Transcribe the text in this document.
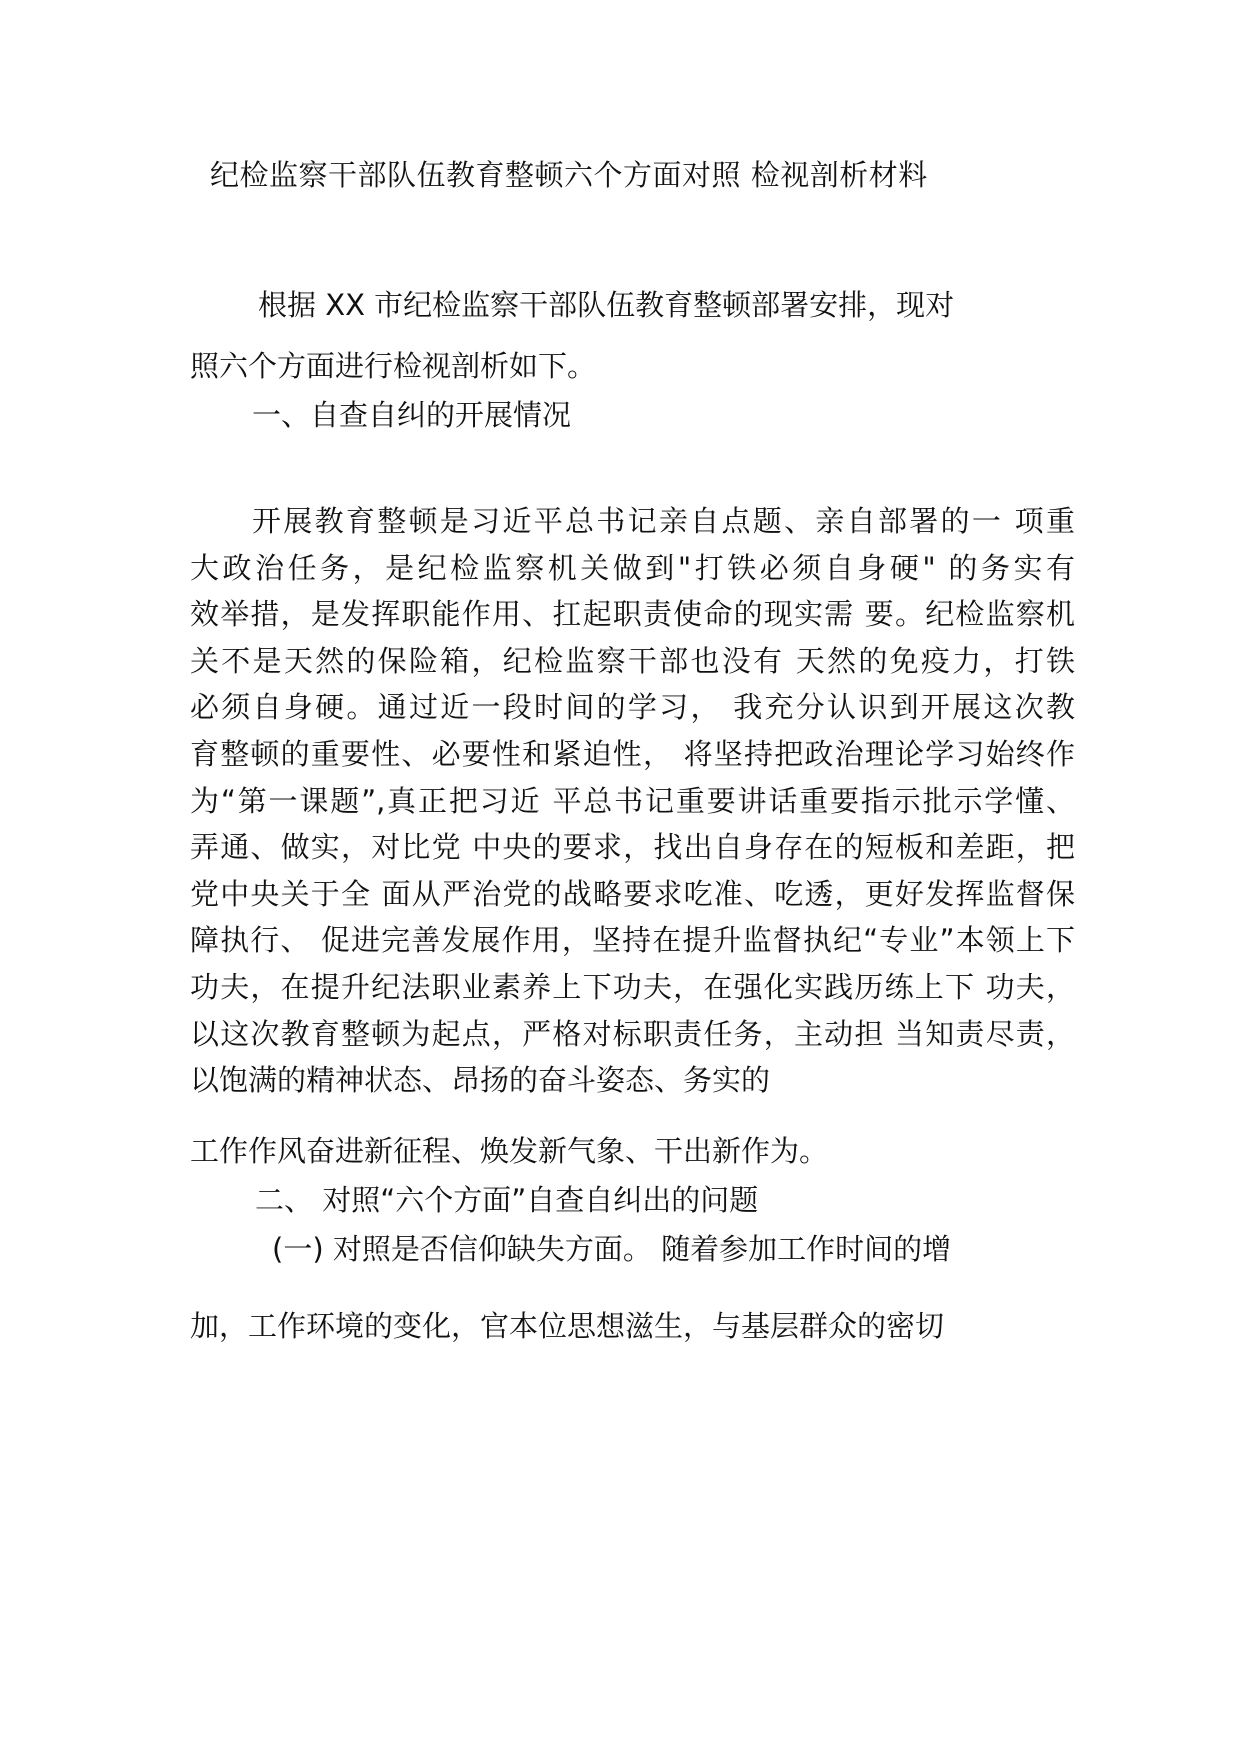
纪检监察干部队伍教育整顿六个方面对照 检视剖析材料
根据 XX 市纪检监察干部队伍教育整顿部署安排，现对
照六个方面进行检视剖析如下。
一、自查自纠的开展情况
开展教育整顿是习近平总书记亲自点题、亲自部署的一 项重
大政治任务，是纪检监察机关做到"打铁必须自身硬" 的务实有
效举措，是发挥职能作用、扛起职责使命的现实需 要。纪检监察机
关不是天然的保险箱，纪检监察干部也没有 天然的免疫力，打铁
必须自身硬。通过近一段时间的学习， 我充分认识到开展这次教
育整顿的重要性、必要性和紧迫性， 将坚持把政治理论学习始终作
为“第一课题”,真正把习近 平总书记重要讲话重要指示批示学懂、
弄通、做实，对比党 中央的要求，找出自身存在的短板和差距，把
党中央关于全 面从严治党的战略要求吃准、吃透，更好发挥监督保
障执行、 促进完善发展作用，坚持在提升监督执纪“专业”本领上下
功夫，在提升纪法职业素养上下功夫，在强化实践历练上下 功夫，
以这次教育整顿为起点，严格对标职责任务，主动担 当知责尽责，
以饱满的精神状态、昂扬的奋斗姿态、务实的
工作作风奋进新征程、焕发新气象、干出新作为。
二、 对照“六个方面”自查自纠出的问题
(一) 对照是否信仰缺失方面。 随着参加工作时间的增
加，工作环境的变化，官本位思想滋生，与基层群众的密切
